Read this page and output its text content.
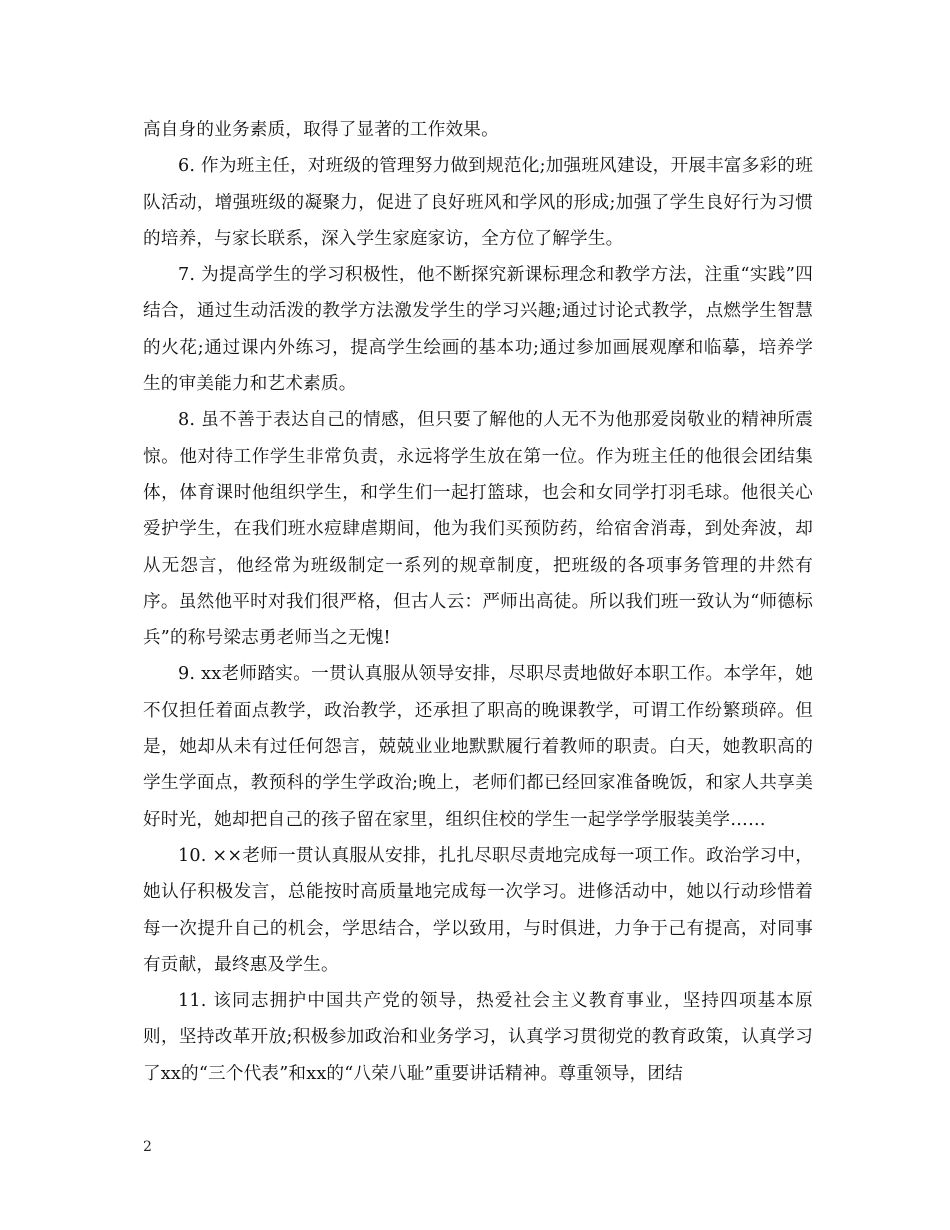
高自身的业务素质，取得了显著的工作效果。

6. 作为班主任，对班级的管理努力做到规范化;加强班风建设，开展丰富多彩的班队活动，增强班级的凝聚力，促进了良好班风和学风的形成;加强了学生良好行为习惯的培养，与家长联系，深入学生家庭家访，全方位了解学生。

7. 为提高学生的学习积极性，他不断探究新课标理念和教学方法，注重“实践”四结合，通过生动活泼的教学方法激发学生的学习兴趣;通过讨论式教学，点燃学生智慧的火花;通过课内外练习，提高学生绘画的基本功;通过参加画展观摩和临摹，培养学生的审美能力和艺术素质。

8. 虽不善于表达自己的情感，但只要了解他的人无不为他那爱岗敬业的精神所震惊。他对待工作学生非常负责，永远将学生放在第一位。作为班主任的他很会团结集体，体育课时他组织学生，和学生们一起打篮球，也会和女同学打羽毛球。他很关心爱护学生，在我们班水痘肆虐期间，他为我们买预防药，给宿舍消毒，到处奔波，却从无怨言，他经常为班级制定一系列的规章制度，把班级的各项事务管理的井然有序。虽然他平时对我们很严格，但古人云：严师出高徒。所以我们班一致认为“师德标兵”的称号梁志勇老师当之无愧!

9. xx老师踏实。一贯认真服从领导安排，尽职尽责地做好本职工作。本学年，她不仅担任着面点教学，政治教学，还承担了职高的晚课教学，可谓工作纷繁琐碎。但是，她却从未有过任何怨言，兢兢业业地默默履行着教师的职责。白天，她教职高的学生学面点，教预科的学生学政治;晚上，老师们都已经回家准备晚饭，和家人共享美好时光，她却把自己的孩子留在家里，组织住校的学生一起学学学服装美学……

10. ××老师一贯认真服从安排，扎扎尽职尽责地完成每一项工作。政治学习中，她认仔积极发言，总能按时高质量地完成每一次学习。进修活动中，她以行动珍惜着每一次提升自己的机会，学思结合，学以致用，与时俱进，力争于己有提高，对同事有贡献，最终惠及学生。

11. 该同志拥护中国共产党的领导，热爱社会主义教育事业，坚持四项基本原则，坚持改革开放;积极参加政治和业务学习，认真学习贯彻党的教育政策，认真学习了xx的“三个代表”和xx的“八荣八耻”重要讲话精神。尊重领导，团结

2
